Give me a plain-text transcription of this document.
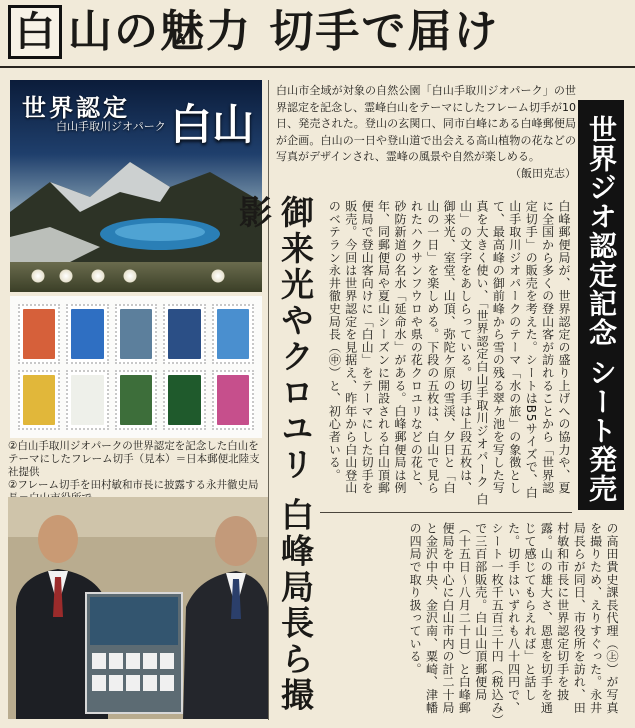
白 山の魅力 切手で届け
世界認定
白山手取川ジオパーク 白山
②白山手取川ジオパークの世界認定を記念した白山をテーマにしたフレーム切手（見本）＝日本郵便北陸支社提供
②フレーム切手を田村敏和市長に披露する永井徹史局
白山市全域が対象の自然公園「白山手取川ジオパーク」の世界認定を記念し、霊峰白山をテーマにしたフレーム切手が10日、発売された。登山の玄関口、同市白峰にある白峰郵便局が企画。白山の一日や登山道で出会える高山植物の花などの写真がデザインされ、霊峰の風景や自然が楽しめる。
（飯田克志） 世界ジオ認定記念 シート発売
御来光やクロユリ 白峰局長ら撮影	白峰郵便局が、世界認定の盛り上げへの協力や、夏に全国から多くの登山客が訪れることから「世界認定切手」の販売を考えた。シートはB5サイズで、白山手取川ジオパークのテーマ「水の旅」の象徴として、最高峰の御前峰から雪の残る翠ケ池を写した写真を大きく使い、「世界認定白山手取川ジオパーク 白山」の文字をあしらっている。切手は上段五枚は、御来光、室堂、山頂、弥陀ケ原の雪渓、夕日と「白山の一日」を楽しめる。下段の五枚は、白山で見られたハクサンフウロや県の花クロユリなどの花と、砂防新道の名水「延命水」がある。白峰郵便局は例年、同郵便局や夏山シーズンに開設される白山頂郵便局で登山客向けに「白山」をテーマにした切手を販売。今回は世界認定を見据え、昨年から白山登山のベテラン永井徹史局長（㊥）と、初心者いる。
の高田貴史課長代理（㊤）が写真を撮りため、えりすぐった。永井局長らが同日、市役所を訪れ、田村敏和市長に世界認定切手を披露。山の雄大さ、恩恵を切手を通じて感じてもらえれば」と話した。切手はいずれも八十四円で、シート一枚千五百三十円（税込み）で三百部販売。白山山頂郵便局（十五日～八月二十日）と白峰郵便局を中心に白山市内の計二十局と金沢中央、金沢南、粟崎、津幡の四局で取り扱っている。
